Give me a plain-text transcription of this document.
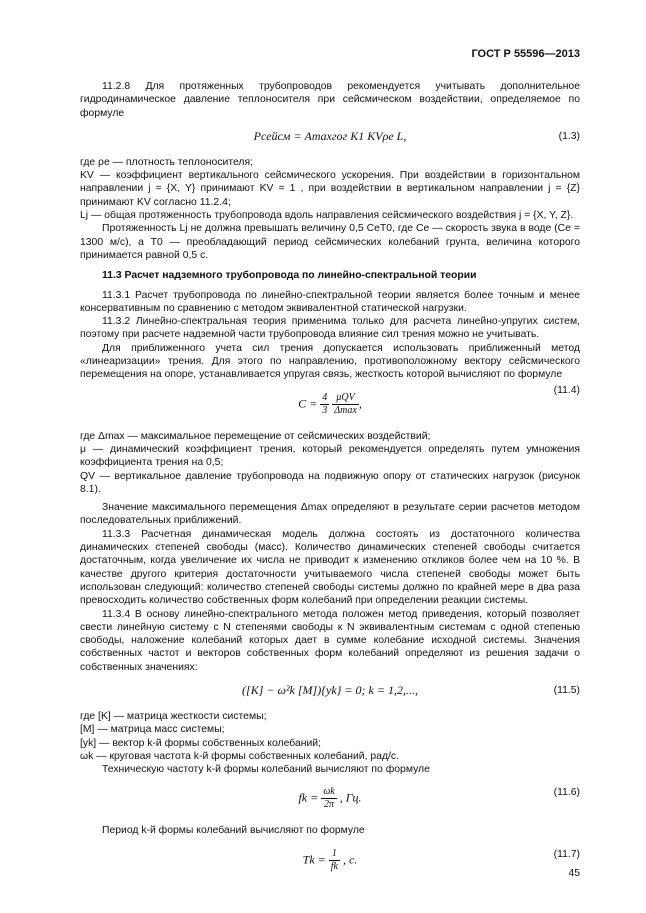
ГОСТ Р 55596—2013

11.2.8 Для протяженных трубопроводов рекомендуется учитывать дополнительное гидродинамическое давление теплоносителя при сейсмическом воздействии, определяемое по формуле

Pсейсм = Amaxгог K1 KVρe L,	(1.3)

где ρe — плотность теплоносителя;

KV — коэффициент вертикального сейсмического ускорения. При воздействии в горизонтальном направлении j = {X, Y} принимают KV = 1 , при воздействии в вертикальном направлении j = {Z} принимают KV согласно 11.2.4;

Lj — общая протяженность трубопровода вдоль направления сейсмического воздействия j = {X, Y, Z}.

Протяженность Lj не должна превышать величину 0,5 CeT0, где Ce — скорость звука в воде (Ce = 1300 м/с), а T0 — преобладающий период сейсмических колебаний грунта, величина которого принимается равной 0,5 с.

11.3 Расчет надземного трубопровода по линейно-спектральной теории

11.3.1 Расчет трубопровода по линейно-спектральной теории является более точным и менее консервативным по сравнению с методом эквивалентной статической нагрузки.

11.3.2 Линейно-спектральная теория применима только для расчета линейно-упругих систем, поэтому при расчете надземной части трубопровода влияние сил трения можно не учитывать.

Для приближенного учета сил трения допускается использовать приближенный метод «линеаризации» трения. Для этого по направлению, противоположному вектору сейсмического перемещения на опоре, устанавливается упругая связь, жесткость которой вычисляют по формуле

$C = \frac{4}{3}$
$\frac{\text{μQV}}{\Delta\max}$ ,
(11.4)

где Δmax — максимальное перемещение от сейсмических воздействий;

μ — динамический коэффициент трения, который рекомендуется определять путем умножения коэффициента трения на 0,5;

QV — вертикальное давление трубопровода на подвижную опору от статических нагрузок (рисунок 8.1).

Значение максимального перемещения Δmax определяют в результате серии расчетов методом последовательных приближений.

11.3.3 Расчетная динамическая модель должна состоять из достаточного количества динамических степеней свободы (масс). Количество динамических степеней свободы считается достаточным, когда увеличение их числа не приводит к изменению откликов более чем на 10 %. В качестве другого критерия достаточности учитываемого числа степеней свободы может быть использован следующий: количество степеней свободы системы должно по крайней мере в два раза превосходить количество собственных форм колебаний при определении реакции системы.

11.3.4 В основу линейно-спектрального метода положен метод приведения, который позволяет свести линейную систему с N степенями свободы к N эквивалентным системам с одной степенью свободы, наложение колебаний которых дает в сумме колебание исходной системы. Значения собственных частот и векторов собственных форм колебаний определяют из решения задачи о собственных значениях:

([K] − ω²k [M]){yk} = 0; k = 1,2,...,	(11.5)

где [K] — матрица жесткости системы;

[M] — матрица масс системы;

[yk] — вектор k-й формы собственных колебаний;

ωk — круговая частота k-й формы собственных колебаний, рад/с.

Техническую частоту k-й формы колебаний вычисляют по формуле

fk = $\frac{\omega k}{2\pi}$ , Гц.	(11.6)

Период k-й формы колебаний вычисляют по формуле

$Tk = \frac{1}{fk}$ , с.	(11.7)
45
